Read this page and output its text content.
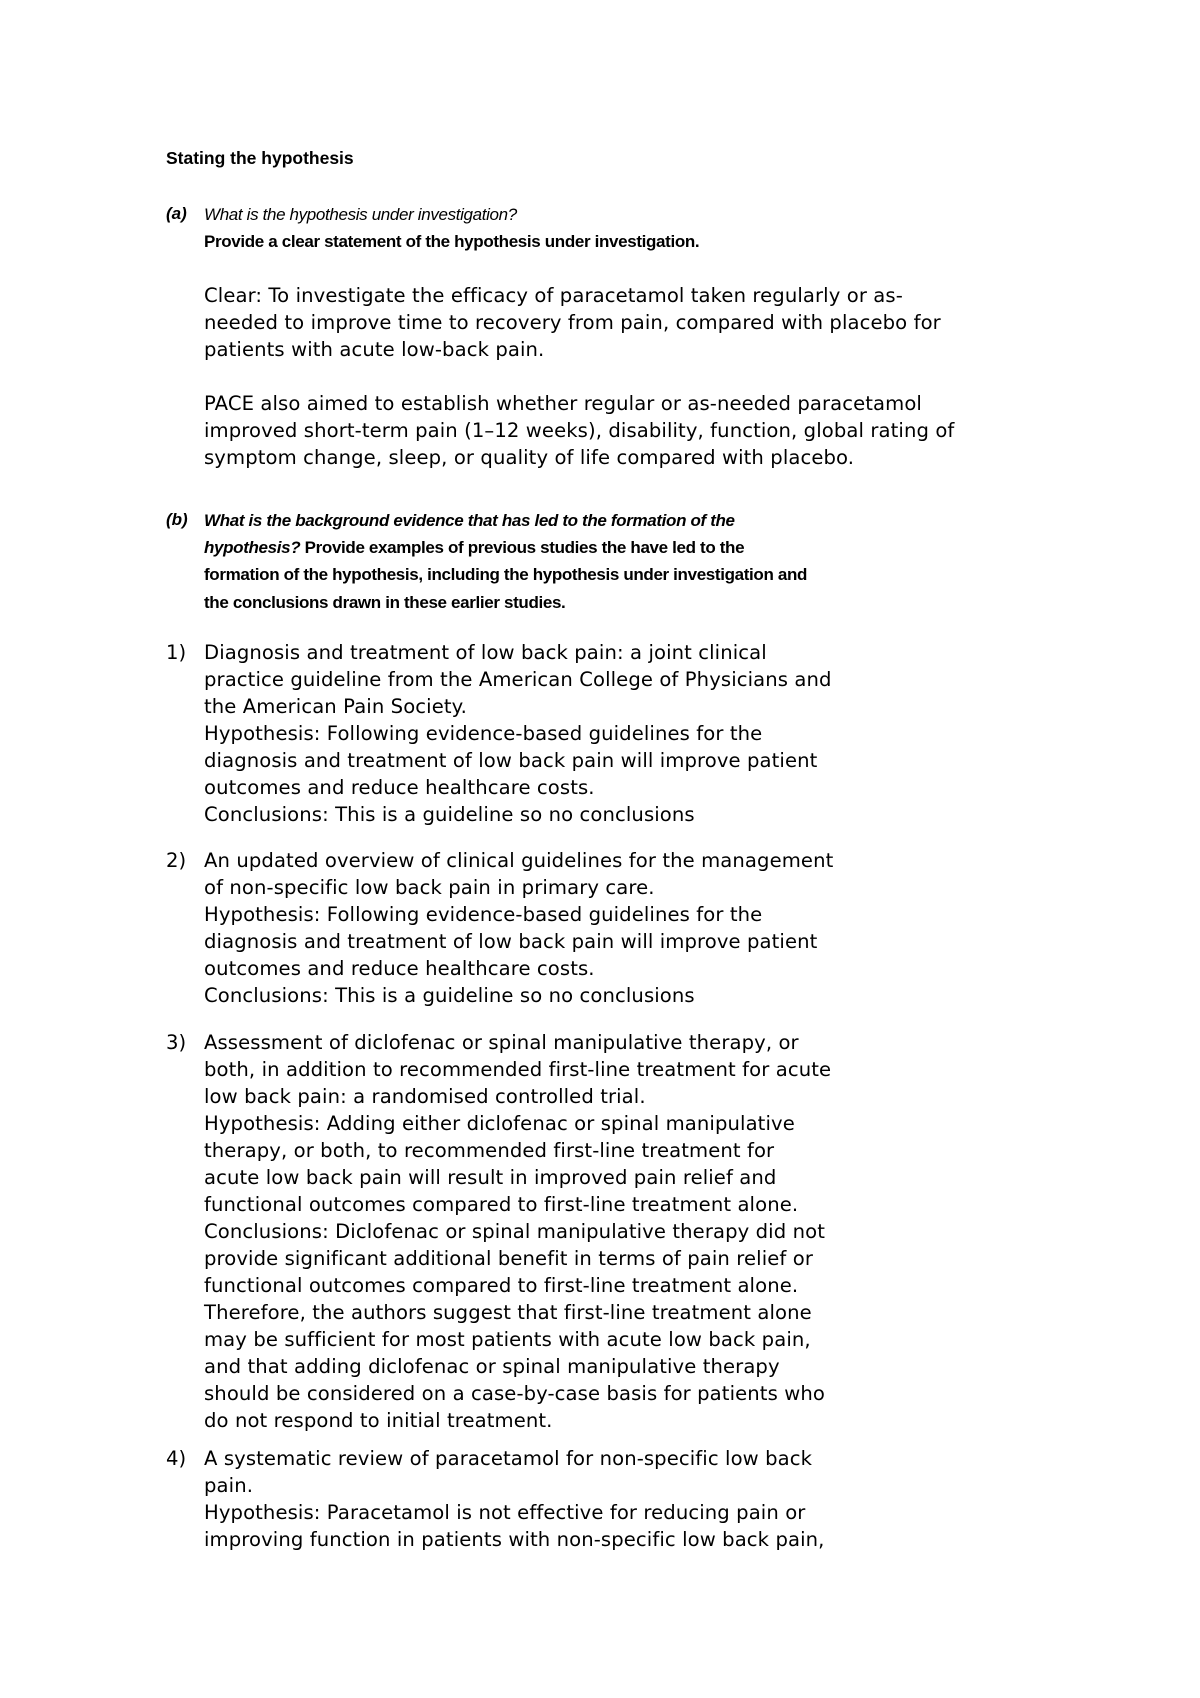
Stating the hypothesis
(a) What is the hypothesis under investigation?
Provide a clear statement of the hypothesis under investigation.
Clear: To investigate the efficacy of paracetamol taken regularly or as-
needed to improve time to recovery from pain, compared with placebo for
patients with acute low-back pain.
PACE also aimed to establish whether regular or as-needed paracetamol
improved short-term pain (1–12 weeks), disability, function, global rating of
symptom change, sleep, or quality of life compared with placebo.
(b) What is the background evidence that has led to the formation of the
hypothesis? Provide examples of previous studies the have led to the
formation of the hypothesis, including the hypothesis under investigation and
the conclusions drawn in these earlier studies.
1) Diagnosis and treatment of low back pain: a joint clinical
practice guideline from the American College of Physicians and
the American Pain Society.
Hypothesis: Following evidence-based guidelines for the
diagnosis and treatment of low back pain will improve patient
outcomes and reduce healthcare costs.
Conclusions: This is a guideline so no conclusions
2) An updated overview of clinical guidelines for the management
of non-specific low back pain in primary care.
Hypothesis: Following evidence-based guidelines for the
diagnosis and treatment of low back pain will improve patient
outcomes and reduce healthcare costs.
Conclusions: This is a guideline so no conclusions
3) Assessment of diclofenac or spinal manipulative therapy, or
both, in addition to recommended first-line treatment for acute
low back pain: a randomised controlled trial.
Hypothesis: Adding either diclofenac or spinal manipulative
therapy, or both, to recommended first-line treatment for
acute low back pain will result in improved pain relief and
functional outcomes compared to first-line treatment alone.
Conclusions: Diclofenac or spinal manipulative therapy did not
provide significant additional benefit in terms of pain relief or
functional outcomes compared to first-line treatment alone.
Therefore, the authors suggest that first-line treatment alone
may be sufficient for most patients with acute low back pain,
and that adding diclofenac or spinal manipulative therapy
should be considered on a case-by-case basis for patients who
do not respond to initial treatment.
4) A systematic review of paracetamol for non-specific low back
pain.
Hypothesis: Paracetamol is not effective for reducing pain or
improving function in patients with non-specific low back pain,
